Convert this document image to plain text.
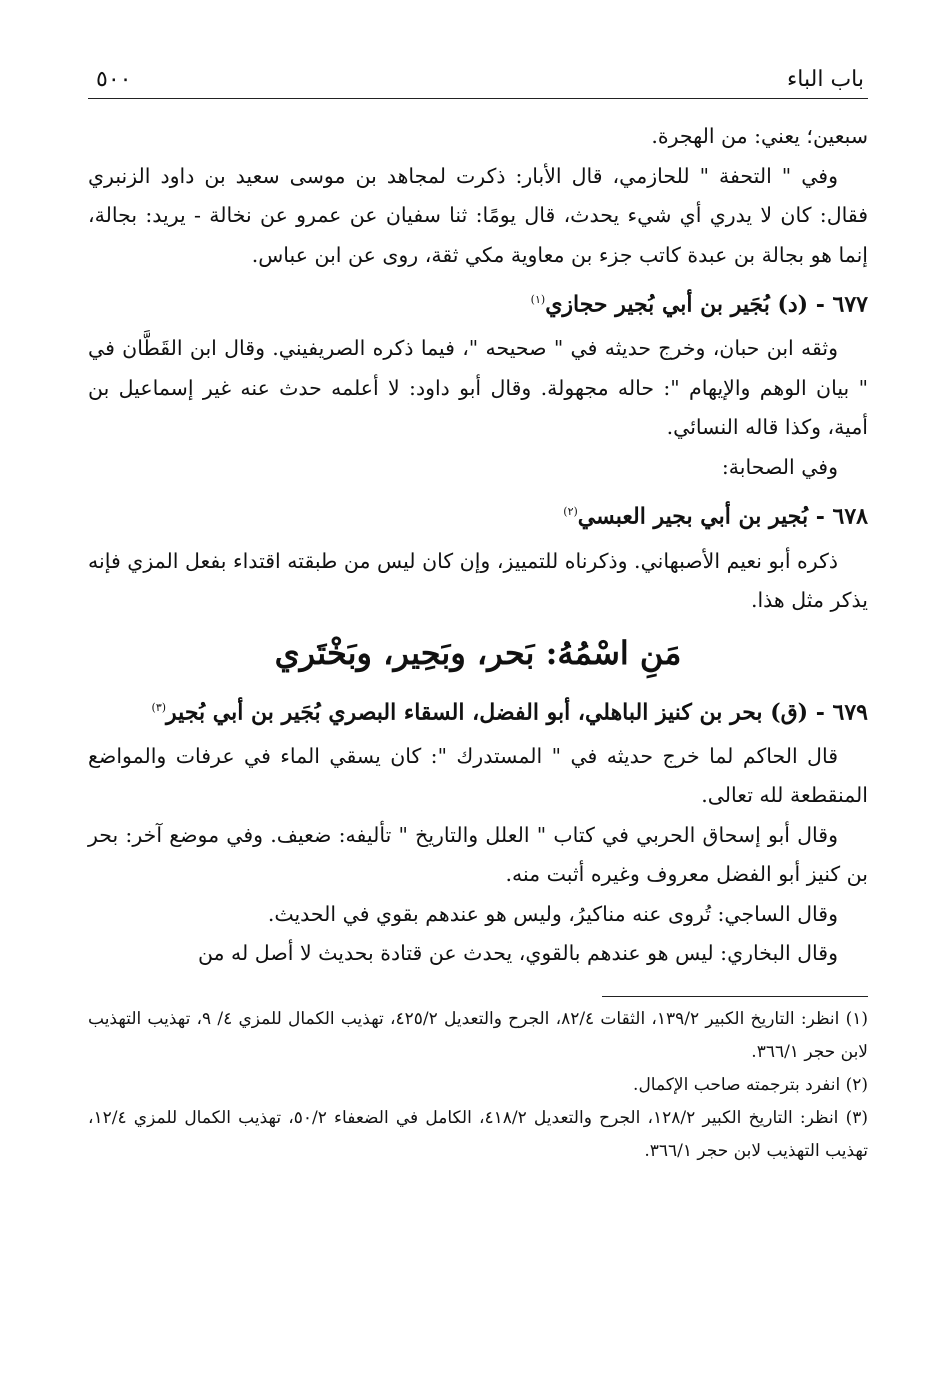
باب الباء
٥٠٠

سبعين؛ يعني: من الهجرة.

وفي " التحفة " للحازمي، قال الأبار: ذكرت لمجاهد بن موسى سعيد بن داود الزنبري فقال: كان لا يدري أي شيء يحدث، قال يومًا: ثنا سفيان عن عمرو عن نخالة - يريد: بجالة، إنما هو بجالة بن عبدة كاتب جزء بن معاوية مكي ثقة، روى عن ابن عباس.

٦٧٧ - (د) بُجَير بن أبي بُجير حجازي$^{(١)}$

وثقه ابن حبان، وخرج حديثه في " صحيحه "، فيما ذكره الصريفيني. وقال ابن القَطَّان في " بيان الوهم والإيهام ": حاله مجهولة. وقال أبو داود: لا أعلمه حدث عنه غير إسماعيل بن أمية، وكذا قاله النسائي.

وفي الصحابة:

٦٧٨ - بُجير بن أبي بجير العبسي$^{(٢)}$

ذكره أبو نعيم الأصبهاني. وذكرناه للتمييز، وإن كان ليس من طبقته اقتداء بفعل المزي فإنه يذكر مثل هذا.

مَنِ اسْمُهُ: بَحر، وبَحِير، وبَخْتَري

٦٧٩ - (ق) بحر بن كنيز الباهلي، أبو الفضل، السقاء البصري بُجَير بن أبي بُجير$^{(٣)}$

قال الحاكم لما خرج حديثه في " المستدرك ": كان يسقي الماء في عرفات والمواضع المنقطعة لله تعالى.

وقال أبو إسحاق الحربي في كتاب " العلل والتاريخ " تأليفه: ضعيف. وفي موضع آخر: بحر بن كنيز أبو الفضل معروف وغيره أثبت منه.

وقال الساجي: تُروى عنه مناكيرُ، وليس هو عندهم بقوي في الحديث.

وقال البخاري: ليس هو عندهم بالقوي، يحدث عن قتادة بحديث لا أصل له من

(١) انظر: التاريخ الكبير ١٣٩/٢، الثقات ٨٢/٤، الجرح والتعديل ٤٢٥/٢، تهذيب الكمال للمزي ٤/ ٩، تهذيب التهذيب لابن حجر ٣٦٦/١.

(٢) انفرد بترجمته صاحب الإكمال.

(٣) انظر: التاريخ الكبير ١٢٨/٢، الجرح والتعديل ٤١٨/٢، الكامل في الضعفاء ٥٠/٢، تهذيب الكمال للمزي ١٢/٤، تهذيب التهذيب لابن حجر ٣٦٦/١.
